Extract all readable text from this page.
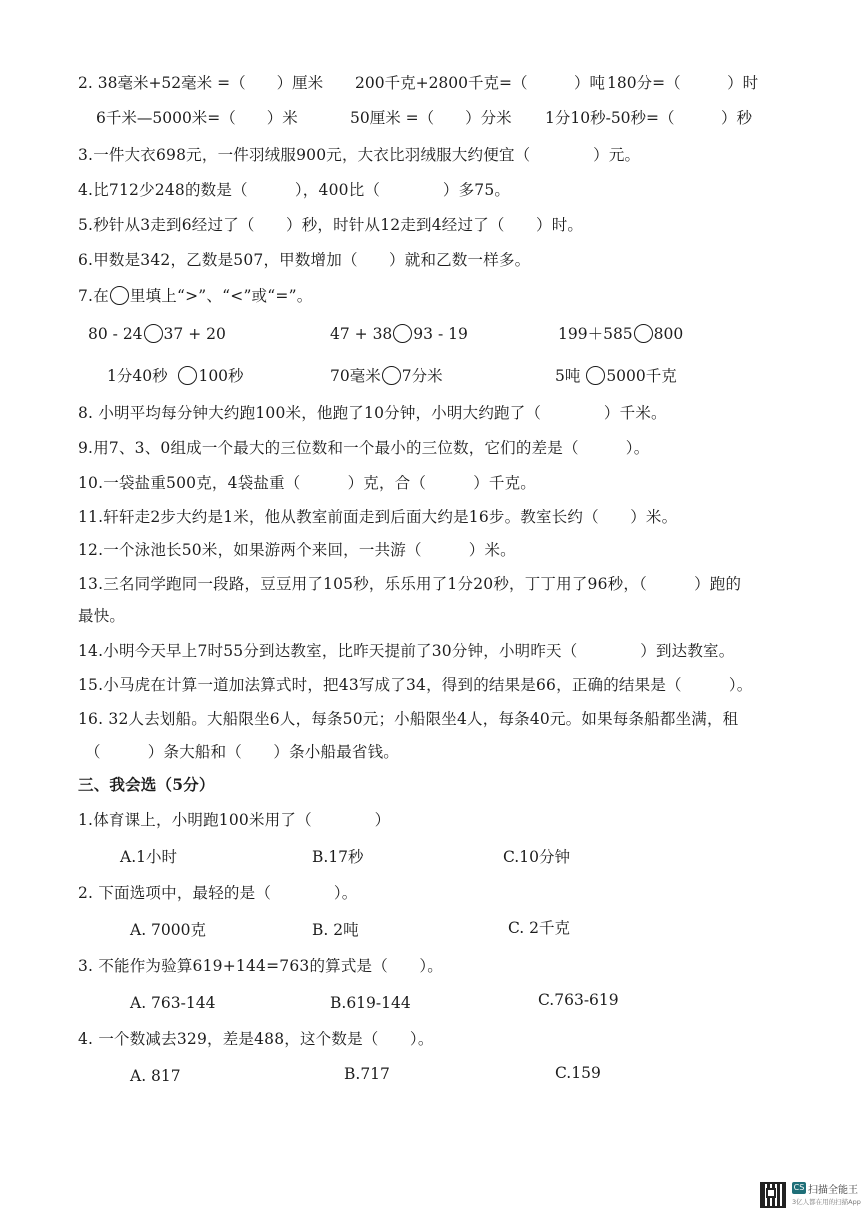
2. 38毫米+52毫米 =（　　）厘米 200千克+2800千克=（　　　）吨 180分=（　　　）时
6千米—5000米=（　　）米	50厘米 =（　　）分米 1分10秒-50秒=（　　　）秒
3.一件大衣698元，一件羽绒服900元，大衣比羽绒服大约便宜（　　　　）元。
4.比712少248的数是（　　　），400比（　　　　）多75。
5.秒针从3走到6经过了（　　）秒，时针从12走到4经过了（　　）时。
6.甲数是342，乙数是507，甲数增加（　　）就和乙数一样多。
7.在 里填上“>”、“<”或“=”。
80 - 24 37 + 20	47 + 38 93 - 19	199＋585 800
1分40秒 100秒	70毫米 7分米	5吨 5000千克
8. 小明平均每分钟大约跑100米，他跑了10分钟，小明大约跑了（　　　　）千米。
9.用7、3、0组成一个最大的三位数和一个最小的三位数，它们的差是（　　　）。
10.一袋盐重500克，4袋盐重（　　　）克，合（　　　）千克。
11.轩轩走2步大约是1米，他从教室前面走到后面大约是16步。教室长约（　　）米。
12.一个泳池长50米，如果游两个来回，一共游（　　　）米。
13.三名同学跑同一段路，豆豆用了105秒，乐乐用了1分20秒，丁丁用了96秒，（　　　）跑的
最快。
14.小明今天早上7时55分到达教室，比昨天提前了30分钟，小明昨天（　　　　）到达教室。
15.小马虎在计算一道加法算式时，把43写成了34，得到的结果是66，正确的结果是（　　　）。
16. 32人去划船。大船限坐6人，每条50元；小船限坐4人，每条40元。如果每条船都坐满，租
（　　　）条大船和（　　）条小船最省钱。
三、我会选（5分）
1.体育课上，小明跑100米用了（　　　　）
A.1小时	B.17秒	C.10分钟
2. 下面选项中，最轻的是（　　　　）。
A. 7000克	B. 2吨	C. 2千克
3. 不能作为验算619+144=763的算式是（　　）。
A. 763-144	B.619-144	C.763-619
4. 一个数减去329，差是488，这个数是（　　）。
A. 817	B.717	C.159
CS 扫描全能王
3亿人都在用的扫描App
